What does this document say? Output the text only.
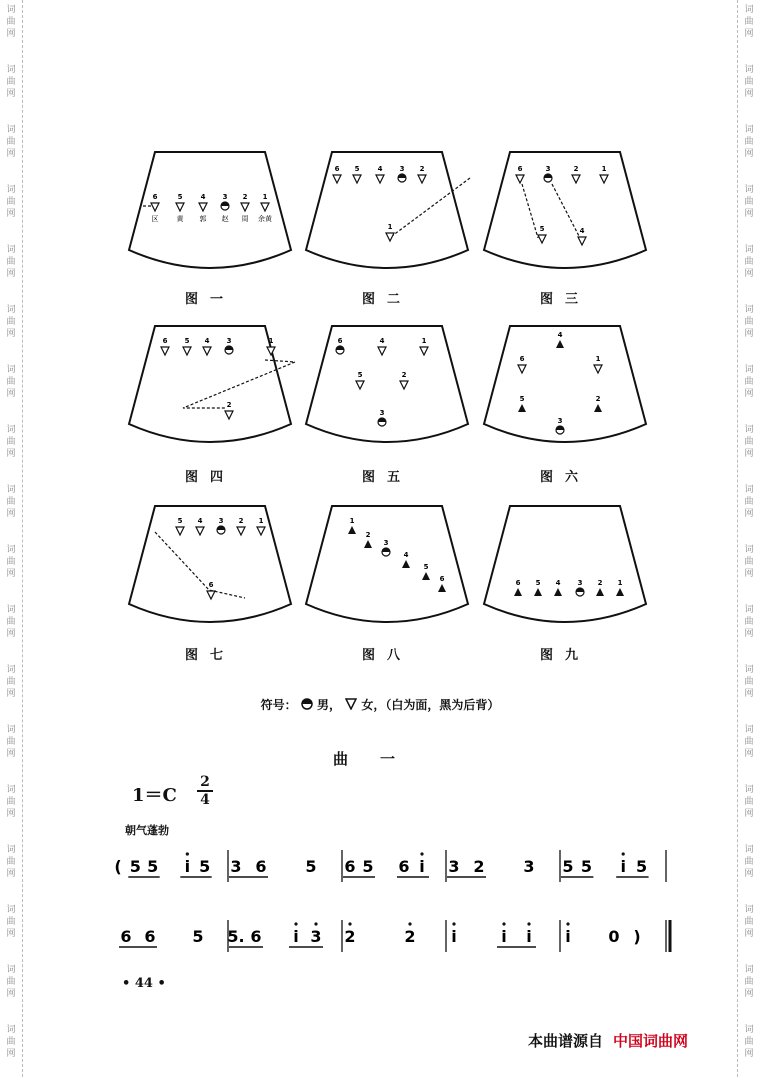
词
曲
网
词
曲
网
词
曲
网
词
曲
网
词
曲
网
词
曲
网
词
曲
网
词
曲
网
词
曲
网
词
曲
网
词
曲
网
词
曲
网
词
曲
网
词
曲
网
词
曲
网
词
曲
网
词
曲
网
词
曲
网
词
曲
网
词
曲
网
词
曲
网
词
曲
网
词
曲
网
词
曲
网
词
曲
网
词
曲
网
词
曲
网
词
曲
网
词
曲
网
词
曲
网
词
曲
网
词
曲
网
词
曲
网
词
曲
网
词
曲
网
词
曲
网
6
区
5
黄
4
郭
3
赵
2
周
1
余黄
图一
6 5	4 3 2
1
图二
6	3	2	1
5	4
图三
6 5 4 3	1
2
图四
6	4	1
5	2
3
图五
4
6	1
5	2
3
图六
5 4 3 2 1
6
图七
1
2
3
4
5
6
图八
6 5 4 3 2 1
图九
符号： 男， 女，（白为面，黑为后背）
曲一
1＝C
2
4
朝气蓬勃
( 5 5 i 5 3 6 5 6 5 6 i 3 2 3 5 5 i 5
6 6 5 5. 6 i 3 2	2 i	i i i 0 )
• 44 •
本曲谱源自 中国词曲网
